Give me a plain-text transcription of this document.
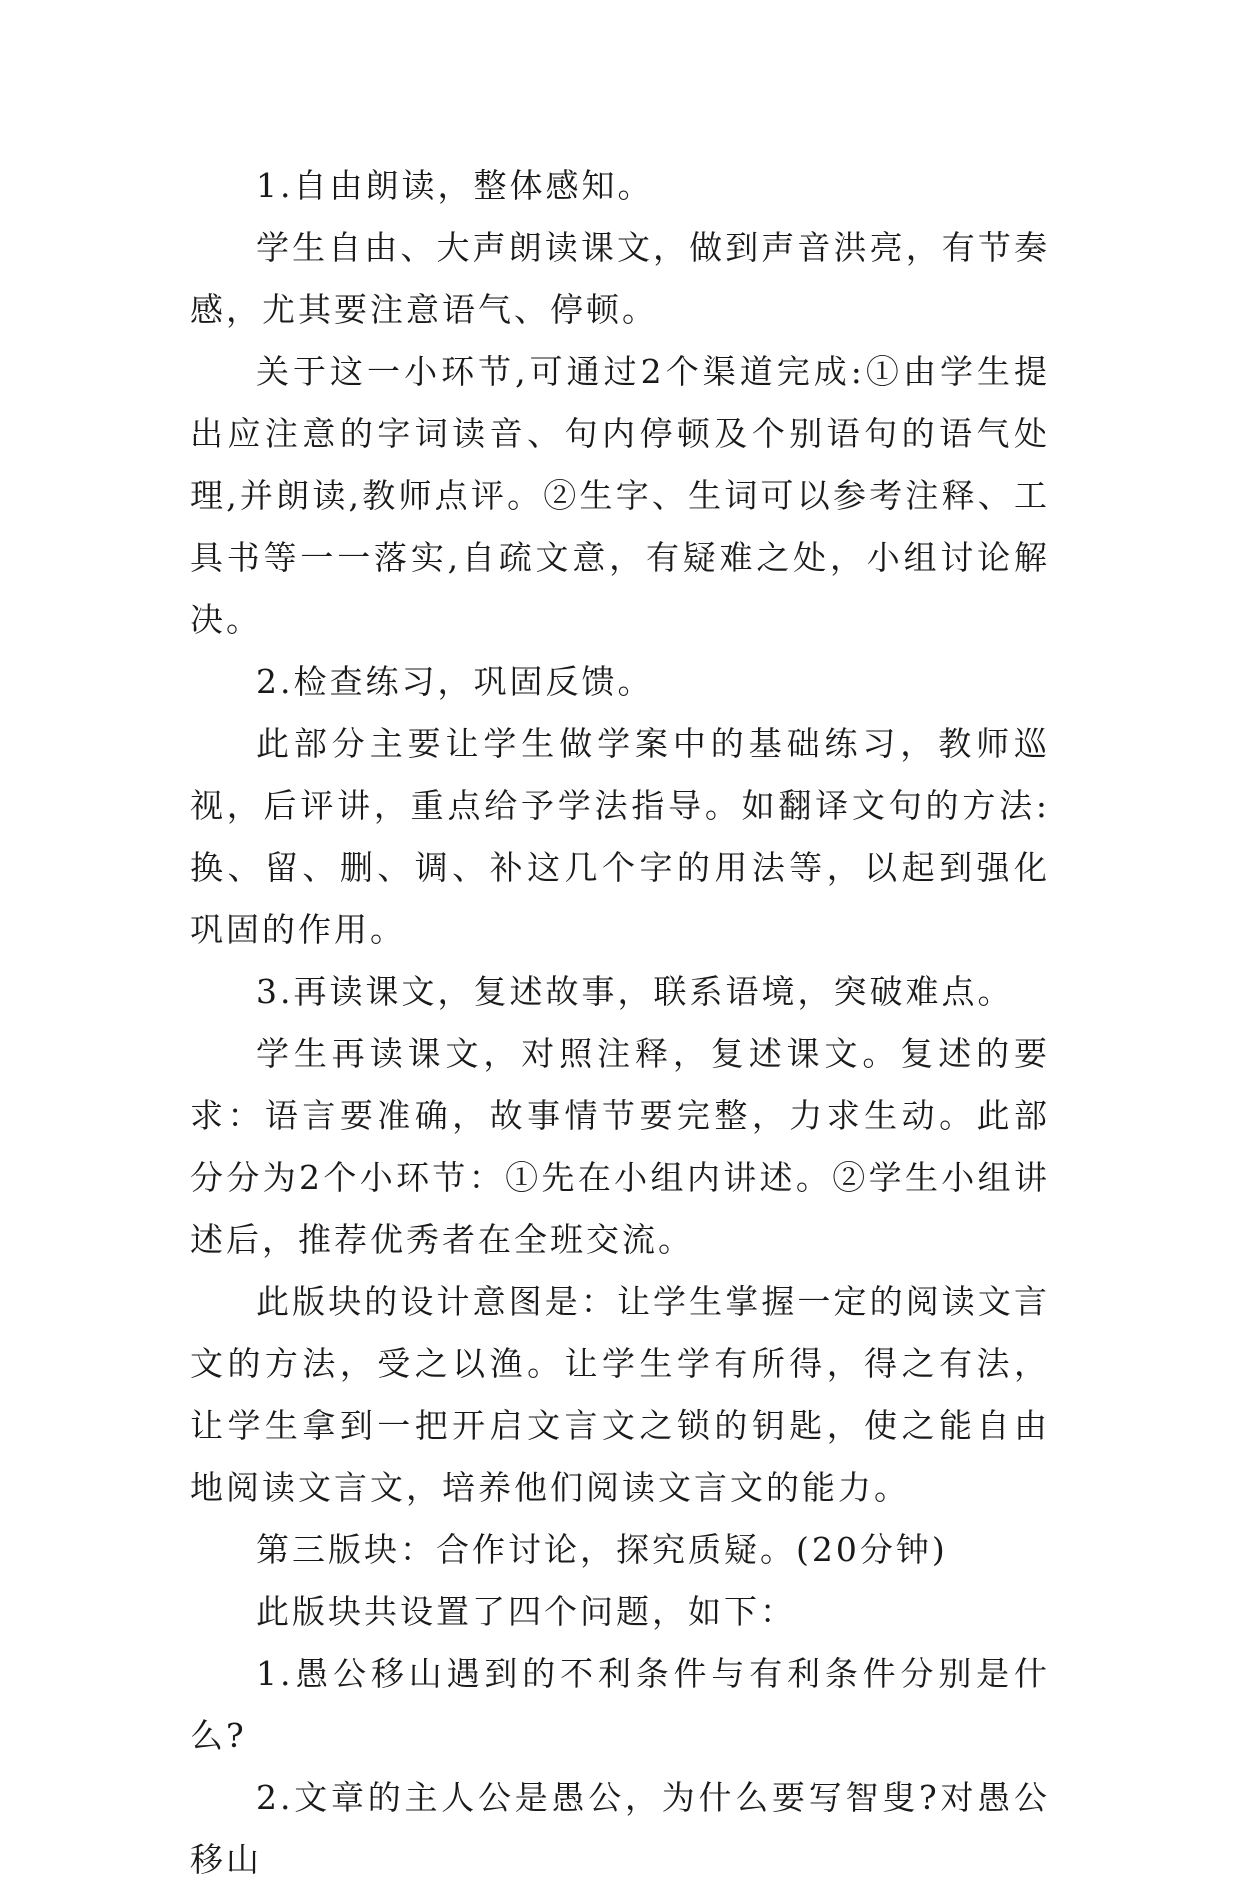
1.自由朗读，整体感知。

学生自由、大声朗读课文，做到声音洪亮，有节奏感，尤其要注意语气、停顿。

关于这一小环节,可通过2个渠道完成:①由学生提出应注意的字词读音、句内停顿及个别语句的语气处理,并朗读,教师点评。②生字、生词可以参考注释、工具书等一一落实,自疏文意，有疑难之处，小组讨论解决。

2.检查练习，巩固反馈。

此部分主要让学生做学案中的基础练习，教师巡视，后评讲，重点给予学法指导。如翻译文句的方法:换、留、删、调、补这几个字的用法等，以起到强化巩固的作用。

3.再读课文，复述故事，联系语境，突破难点。

学生再读课文，对照注释，复述课文。复述的要求：语言要准确，故事情节要完整，力求生动。此部分分为2个小环节：①先在小组内讲述。②学生小组讲述后，推荐优秀者在全班交流。

此版块的设计意图是：让学生掌握一定的阅读文言文的方法，受之以渔。让学生学有所得，得之有法，让学生拿到一把开启文言文之锁的钥匙，使之能自由地阅读文言文，培养他们阅读文言文的能力。

第三版块：合作讨论，探究质疑。(20分钟)

此版块共设置了四个问题，如下：

1.愚公移山遇到的不利条件与有利条件分别是什么?

2.文章的主人公是愚公，为什么要写智叟?对愚公移山
